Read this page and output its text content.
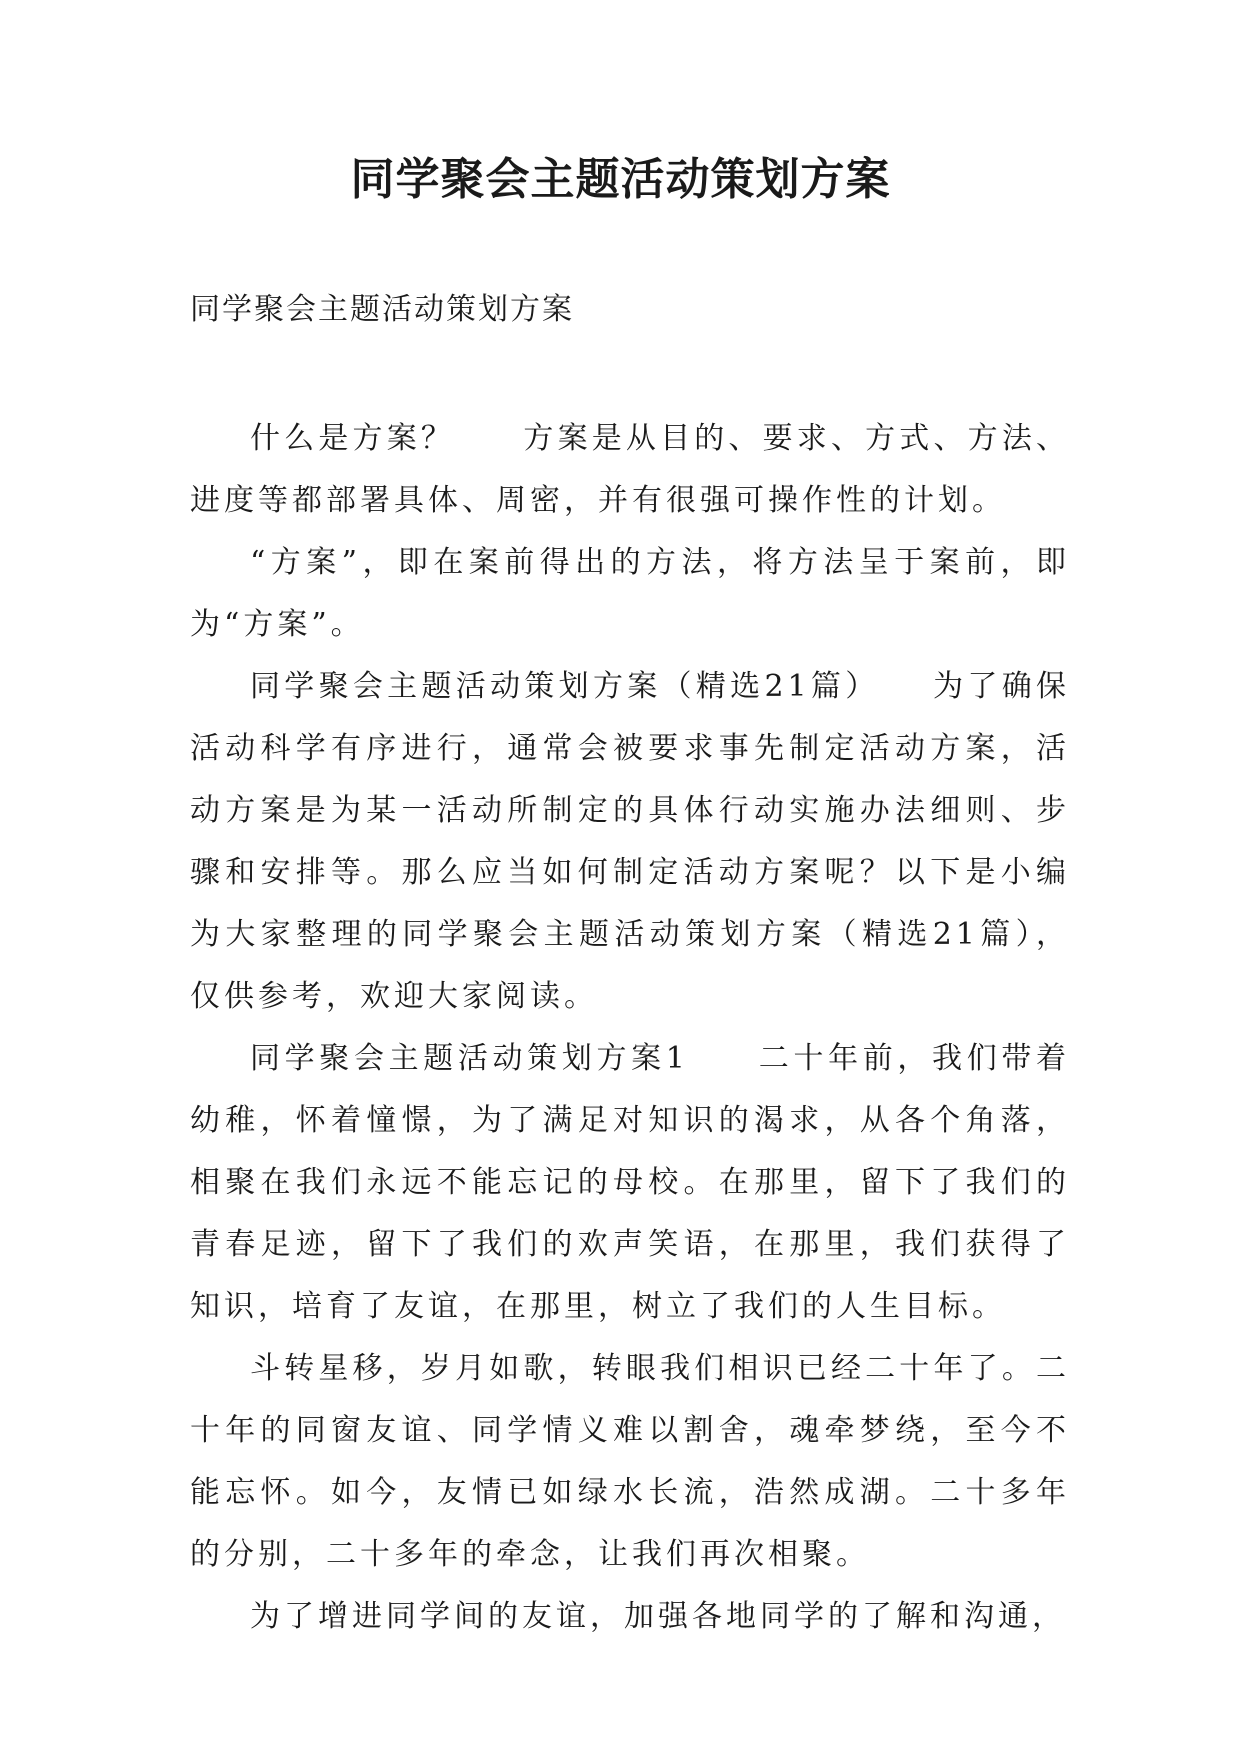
同学聚会主题活动策划方案
同学聚会主题活动策划方案

什么是方案？　　方案是从目的、要求、方式、方法、进度等都部署具体、周密，并有很强可操作性的计划。

“方案”，即在案前得出的方法，将方法呈于案前，即为“方案”。

同学聚会主题活动策划方案（精选21篇）　　为了确保活动科学有序进行，通常会被要求事先制定活动方案，活动方案是为某一活动所制定的具体行动实施办法细则、步骤和安排等。那么应当如何制定活动方案呢？以下是小编为大家整理的同学聚会主题活动策划方案（精选21篇），仅供参考，欢迎大家阅读。

同学聚会主题活动策划方案1　　二十年前，我们带着幼稚，怀着憧憬，为了满足对知识的渴求，从各个角落，相聚在我们永远不能忘记的母校。在那里，留下了我们的青春足迹，留下了我们的欢声笑语，在那里，我们获得了知识，培育了友谊，在那里，树立了我们的人生目标。

斗转星移，岁月如歌，转眼我们相识已经二十年了。二十年的同窗友谊、同学情义难以割舍，魂牵梦绕，至今不能忘怀。如今，友情已如绿水长流，浩然成湖。二十多年的分别，二十多年的牵念，让我们再次相聚。

为了增进同学间的友谊，加强各地同学的了解和沟通，
